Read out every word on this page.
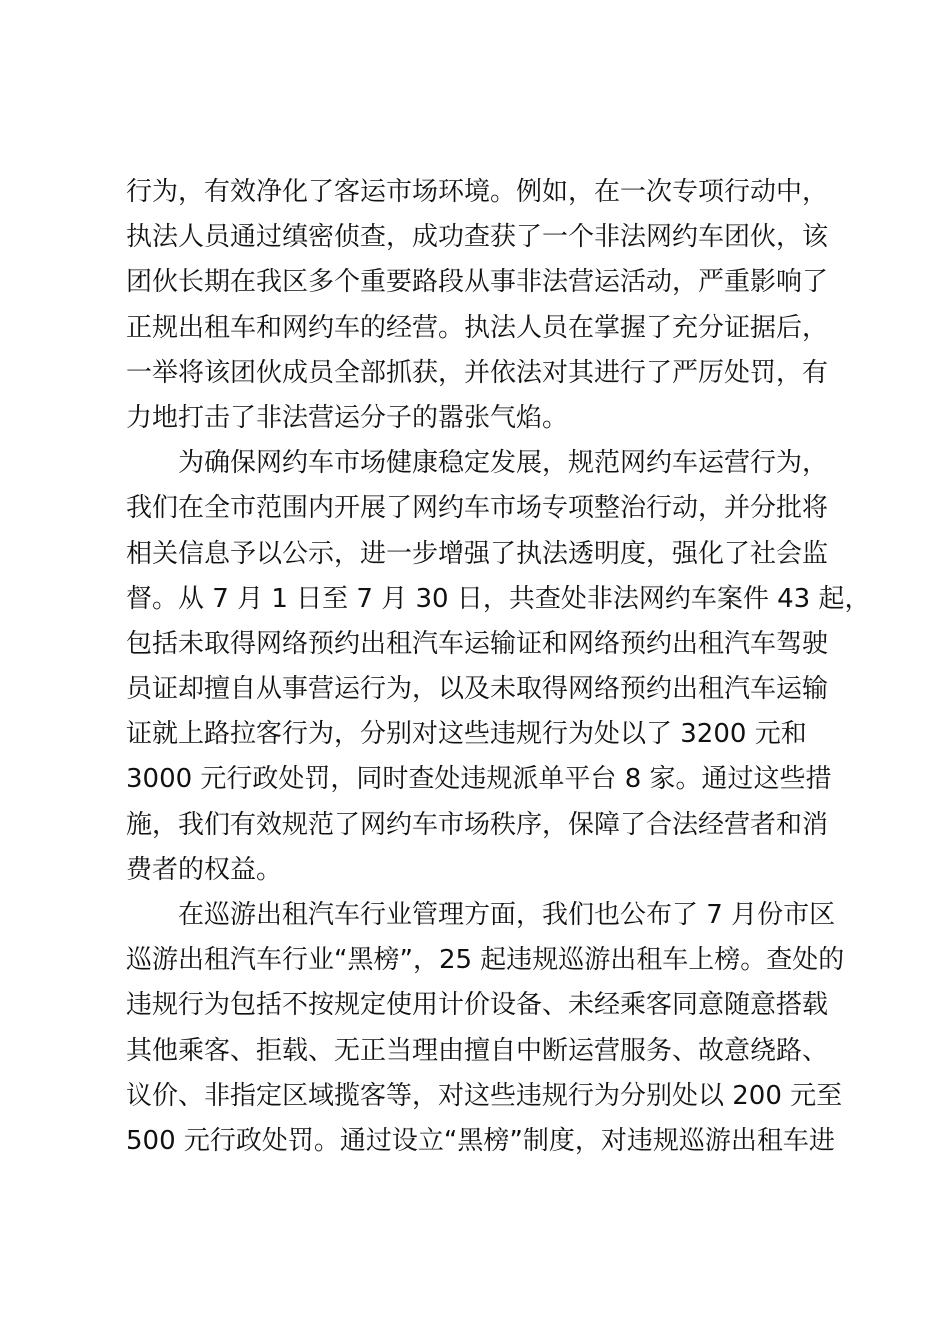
行为，有效净化了客运市场环境。例如，在一次专项行动中，
执法人员通过缜密侦查，成功查获了一个非法网约车团伙，该
团伙长期在我区多个重要路段从事非法营运活动，严重影响了
正规出租车和网约车的经营。执法人员在掌握了充分证据后，
一举将该团伙成员全部抓获，并依法对其进行了严厉处罚，有
力地打击了非法营运分子的嚣张气焰。
为确保网约车市场健康稳定发展，规范网约车运营行为，
我们在全市范围内开展了网约车市场专项整治行动，并分批将
相关信息予以公示，进一步增强了执法透明度，强化了社会监
督。从 7 月 1 日至 7 月 30 日，共查处非法网约车案件 43 起，
包括未取得网络预约出租汽车运输证和网络预约出租汽车驾驶
员证却擅自从事营运行为，以及未取得网络预约出租汽车运输
证就上路拉客行为，分别对这些违规行为处以了 3200 元和
3000 元行政处罚，同时查处违规派单平台 8 家。通过这些措
施，我们有效规范了网约车市场秩序，保障了合法经营者和消
费者的权益。
在巡游出租汽车行业管理方面，我们也公布了 7 月份市区
巡游出租汽车行业“黑榜”，25 起违规巡游出租车上榜。查处的
违规行为包括不按规定使用计价设备、未经乘客同意随意搭载
其他乘客、拒载、无正当理由擅自中断运营服务、故意绕路、
议价、非指定区域揽客等，对这些违规行为分别处以 200 元至
500 元行政处罚。通过设立“黑榜”制度，对违规巡游出租车进
